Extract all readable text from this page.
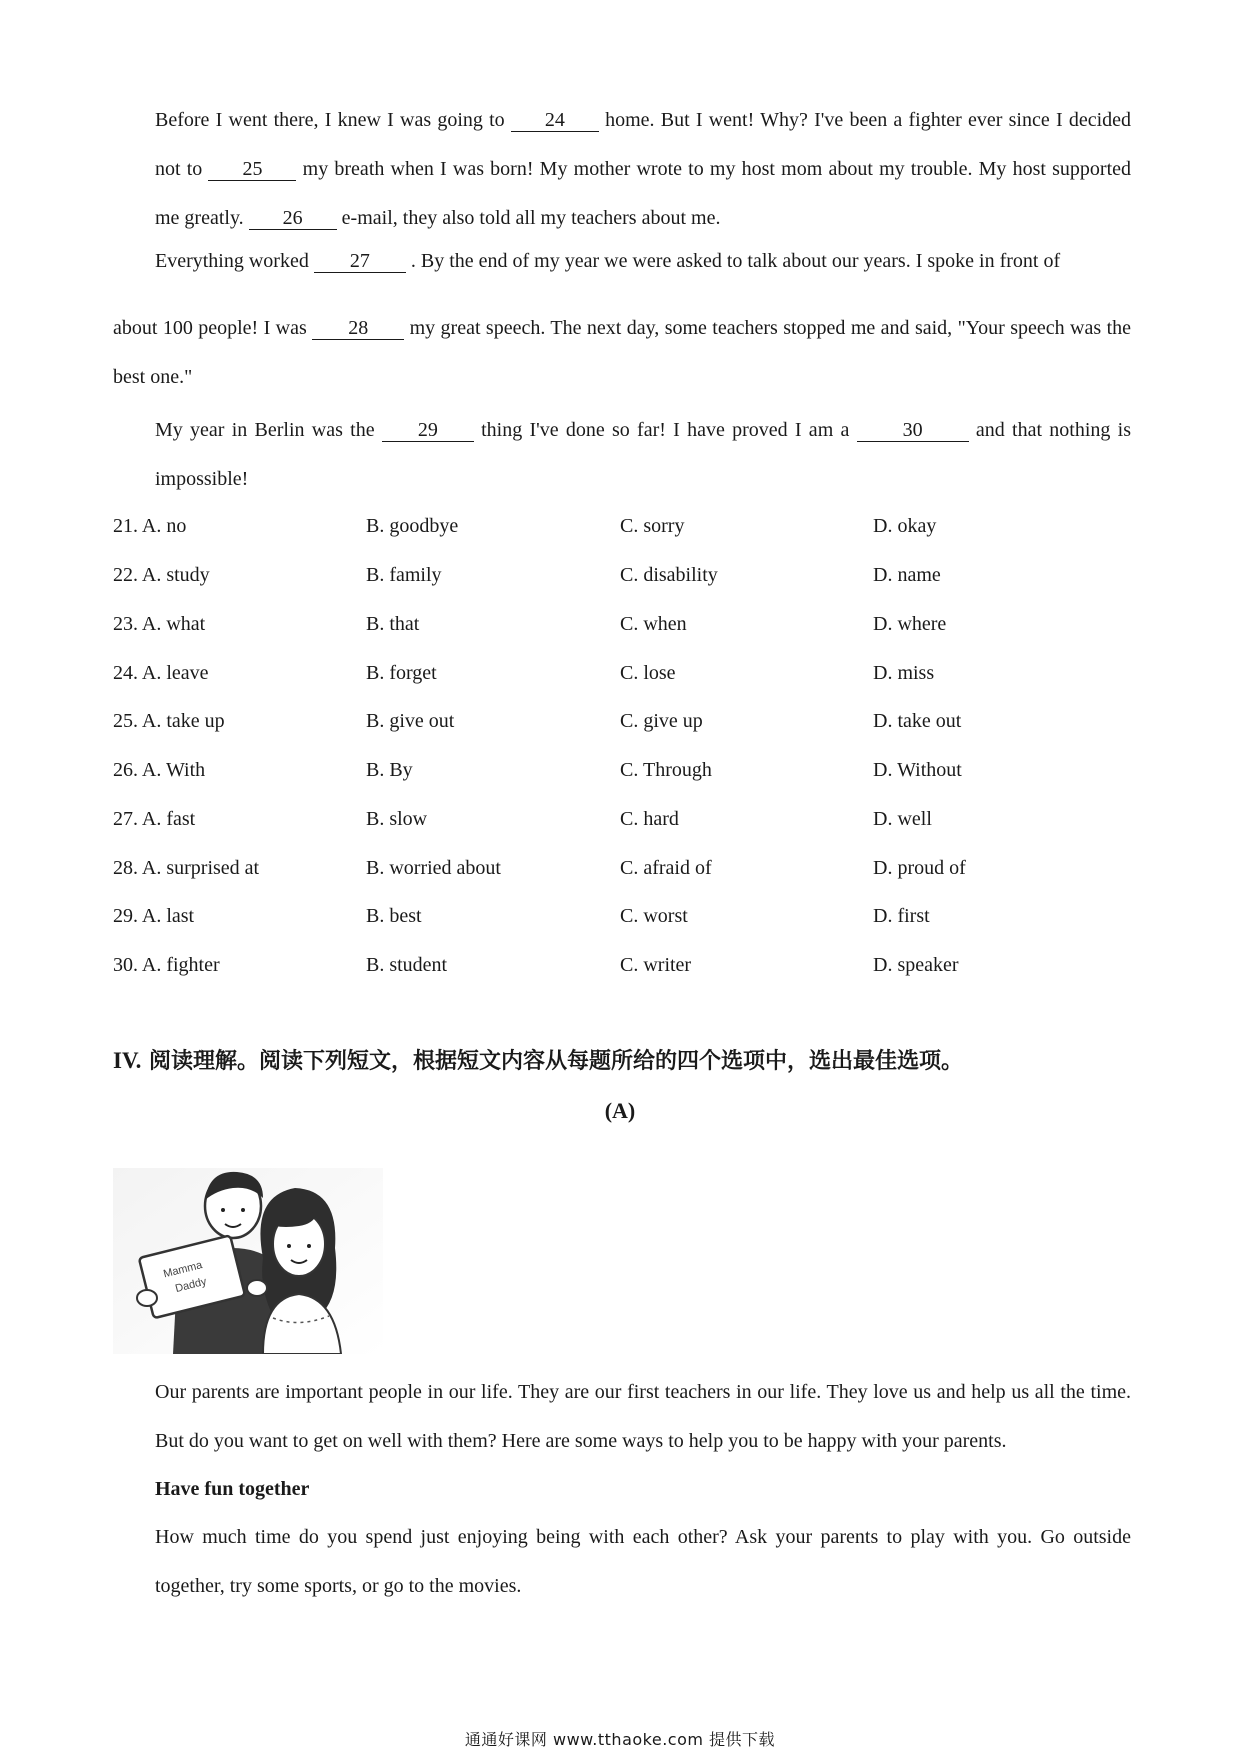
Before I went there, I knew I was going to 24 home. But I went! Why? I've been a fighter ever since I decided not to 25 my breath when I was born! My mother wrote to my host mom about my trouble. My host supported me greatly. 26 e-mail, they also told all my teachers about me.
Everything worked 27 . By the end of my year we were asked to talk about our years. I spoke in front of
about 100 people! I was 28 my great speech. The next day, some teachers stopped me and said, "Your speech was the best one."
My year in Berlin was the 29 thing I've done so far! I have proved I am a 30 and that nothing is impossible!
21. A. no	B. goodbye	C. sorry	D. okay
22. A. study	B. family	C. disability	D. name
23. A. what	B. that	C. when	D. where
24. A. leave	B. forget	C. lose	D. miss
25. A. take up	B. give out	C. give up	D. take out
26. A. With	B. By	C. Through	D. Without
27. A. fast	B. slow	C. hard	D. well
28. A. surprised at	B. worried about	C. afraid of	D. proud of
29. A. last	B. best	C. worst	D. first
30. A. fighter	B. student	C. writer	D. speaker
IV. 阅读理解。阅读下列短文，根据短文内容从每题所给的四个选项中，选出最佳选项。
(A)
Mamma
Daddy
Our parents are important people in our life. They are our first teachers in our life. They love us and help us all the time. But do you want to get on well with them? Here are some ways to help you to be happy with your parents.
Have fun together
How much time do you spend just enjoying being with each other? Ask your parents to play with you. Go outside together, try some sports, or go to the movies.
通通好课网 www.tthaoke.com 提供下载
